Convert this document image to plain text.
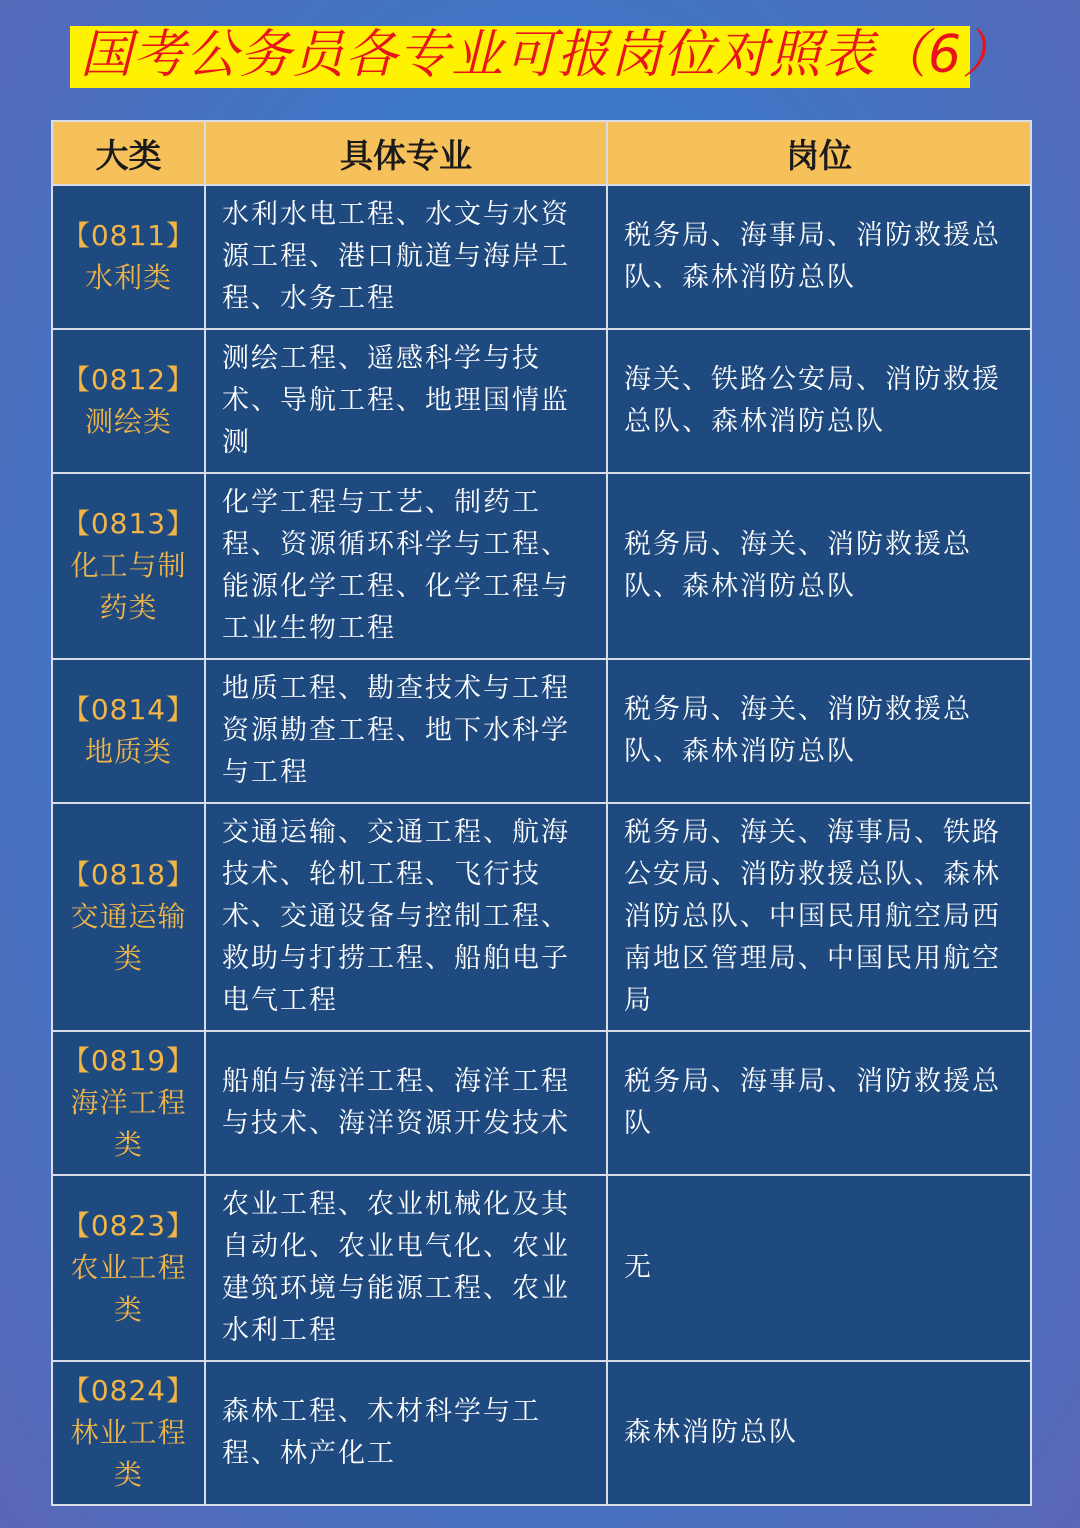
国考公务员各专业可报岗位对照表（6）
大类	具体专业	岗位

【0811】
水利类	水利水电工程、水文与水资源工程、港口航道与海岸工程、水务工程	税务局、海事局、消防救援总队、森林消防总队

【0812】
测绘类	测绘工程、遥感科学与技术、导航工程、地理国情监测	海关、铁路公安局、消防救援总队、森林消防总队

【0813】
化工与制药类	化学工程与工艺、制药工程、资源循环科学与工程、能源化学工程、化学工程与工业生物工程	税务局、海关、消防救援总队、森林消防总队

【0814】
地质类	地质工程、勘查技术与工程资源勘查工程、地下水科学与工程	税务局、海关、消防救援总队、森林消防总队

【0818】
交通运输类	交通运输、交通工程、航海技术、轮机工程、飞行技术、交通设备与控制工程、救助与打捞工程、船舶电子电气工程	税务局、海关、海事局、铁路公安局、消防救援总队、森林消防总队、中国民用航空局西南地区管理局、中国民用航空局

【0819】
海洋工程类	船舶与海洋工程、海洋工程与技术、海洋资源开发技术	税务局、海事局、消防救援总队

【0823】
农业工程类	农业工程、农业机械化及其自动化、农业电气化、农业建筑环境与能源工程、农业水利工程	无

【0824】
林业工程类	森林工程、木材科学与工程、林产化工	森林消防总队
